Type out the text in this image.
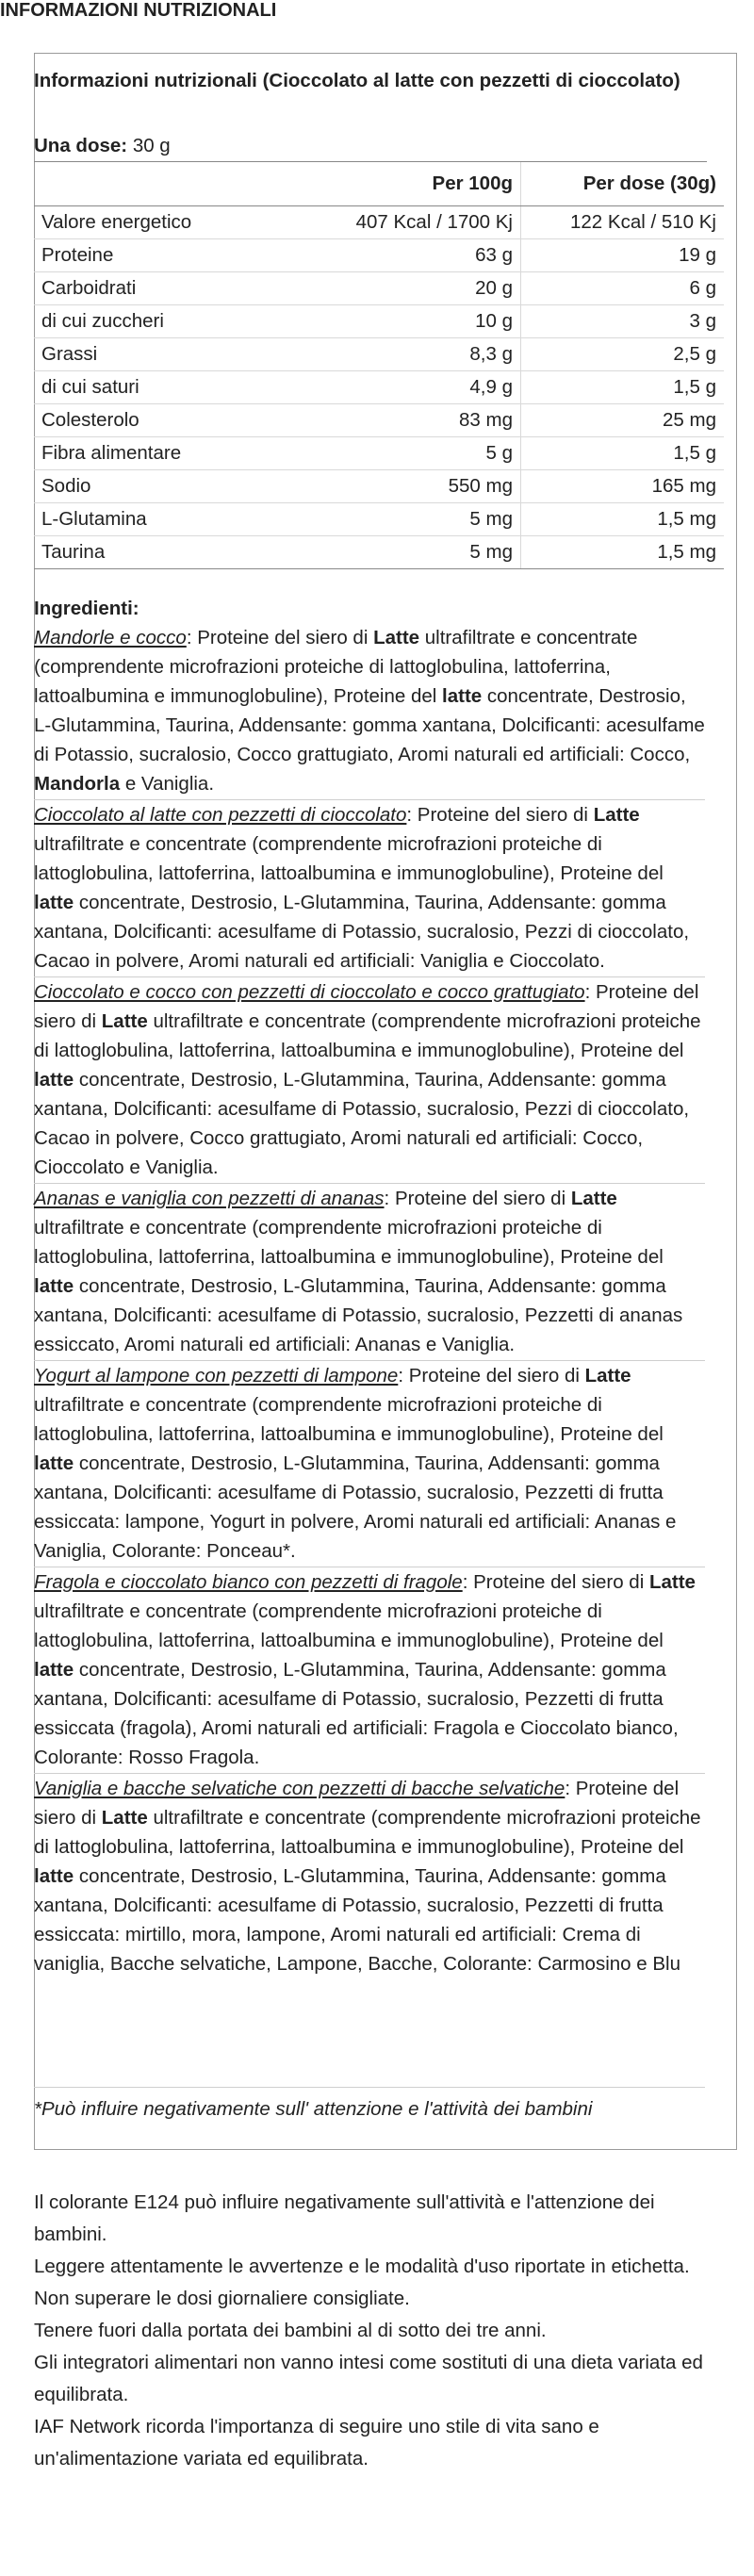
INFORMAZIONI NUTRIZIONALI
Informazioni nutrizionali (Cioccolato al latte con pezzetti di cioccolato)
Una dose: 30 g
	Per 100g	Per dose (30g)
Valore energetico	407 Kcal / 1700 Kj	122 Kcal / 510 Kj
Proteine	63 g	19 g
Carboidrati	20 g	6 g
di cui zuccheri	10 g	3 g
Grassi	8,3 g	2,5 g
di cui saturi	4,9 g	1,5 g
Colesterolo	83 mg	25 mg
Fibra alimentare	5 g	1,5 g
Sodio	550 mg	165 mg
L-Glutamina	5 mg	1,5 mg
Taurina	5 mg	1,5 mg
Ingredienti:

Mandorle e cocco: Proteine del siero di Latte ultrafiltrate e concentrate (comprendente microfrazioni proteiche di lattoglobulina, lattoferrina, lattoalbumina e immunoglobuline), Proteine del latte concentrate, Destrosio, L-Glutammina, Taurina, Addensante: gomma xantana, Dolcificanti: acesulfame di Potassio, sucralosio, Cocco grattugiato, Aromi naturali ed artificiali: Cocco, Mandorla e Vaniglia.

Cioccolato al latte con pezzetti di cioccolato: Proteine del siero di Latte ultrafiltrate e concentrate (comprendente microfrazioni proteiche di lattoglobulina, lattoferrina, lattoalbumina e immunoglobuline), Proteine del latte concentrate, Destrosio, L-Glutammina, Taurina, Addensante: gomma xantana, Dolcificanti: acesulfame di Potassio, sucralosio, Pezzi di cioccolato, Cacao in polvere, Aromi naturali ed artificiali: Vaniglia e Cioccolato.

Cioccolato e cocco con pezzetti di cioccolato e cocco grattugiato: Proteine del siero di Latte ultrafiltrate e concentrate (comprendente microfrazioni proteiche di lattoglobulina, lattoferrina, lattoalbumina e immunoglobuline), Proteine del latte concentrate, Destrosio, L-Glutammina, Taurina, Addensante: gomma xantana, Dolcificanti: acesulfame di Potassio, sucralosio, Pezzi di cioccolato, Cacao in polvere, Cocco grattugiato, Aromi naturali ed artificiali: Cocco, Cioccolato e Vaniglia.

Ananas e vaniglia con pezzetti di ananas: Proteine del siero di Latte ultrafiltrate e concentrate (comprendente microfrazioni proteiche di lattoglobulina, lattoferrina, lattoalbumina e immunoglobuline), Proteine del latte concentrate, Destrosio, L-Glutammina, Taurina, Addensante: gomma xantana, Dolcificanti: acesulfame di Potassio, sucralosio, Pezzetti di ananas essiccato, Aromi naturali ed artificiali: Ananas e Vaniglia.

Yogurt al lampone con pezzetti di lampone: Proteine del siero di Latte ultrafiltrate e concentrate (comprendente microfrazioni proteiche di lattoglobulina, lattoferrina, lattoalbumina e immunoglobuline), Proteine del latte concentrate, Destrosio, L-Glutammina, Taurina, Addensanti: gomma xantana, Dolcificanti: acesulfame di Potassio, sucralosio, Pezzetti di frutta essiccata: lampone, Yogurt in polvere, Aromi naturali ed artificiali: Ananas e Vaniglia, Colorante: Ponceau*.

Fragola e cioccolato bianco con pezzetti di fragole: Proteine del siero di Latte ultrafiltrate e concentrate (comprendente microfrazioni proteiche di lattoglobulina, lattoferrina, lattoalbumina e immunoglobuline), Proteine del latte concentrate, Destrosio, L-Glutammina, Taurina, Addensante: gomma xantana, Dolcificanti: acesulfame di Potassio, sucralosio, Pezzetti di frutta essiccata (fragola), Aromi naturali ed artificiali: Fragola e Cioccolato bianco, Colorante: Rosso Fragola.

Vaniglia e bacche selvatiche con pezzetti di bacche selvatiche: Proteine del siero di Latte ultrafiltrate e concentrate (comprendente microfrazioni proteiche di lattoglobulina, lattoferrina, lattoalbumina e immunoglobuline), Proteine del latte concentrate, Destrosio, L-Glutammina, Taurina, Addensante: gomma xantana, Dolcificanti: acesulfame di Potassio, sucralosio, Pezzetti di frutta essiccata: mirtillo, mora, lampone, Aromi naturali ed artificiali: Crema di vaniglia, Bacche selvatiche, Lampone, Bacche, Colorante: Carmosino e Blu

*Può influire negativamente sull' attenzione e l'attività dei bambini

Il colorante E124 può influire negativamente sull'attività e l'attenzione dei bambini.

Leggere attentamente le avvertenze e le modalità d'uso riportate in etichetta.

Non superare le dosi giornaliere consigliate.

Tenere fuori dalla portata dei bambini al di sotto dei tre anni.

Gli integratori alimentari non vanno intesi come sostituti di una dieta variata ed equilibrata.

IAF Network ricorda l'importanza di seguire uno stile di vita sano e un'alimentazione variata ed equilibrata.
